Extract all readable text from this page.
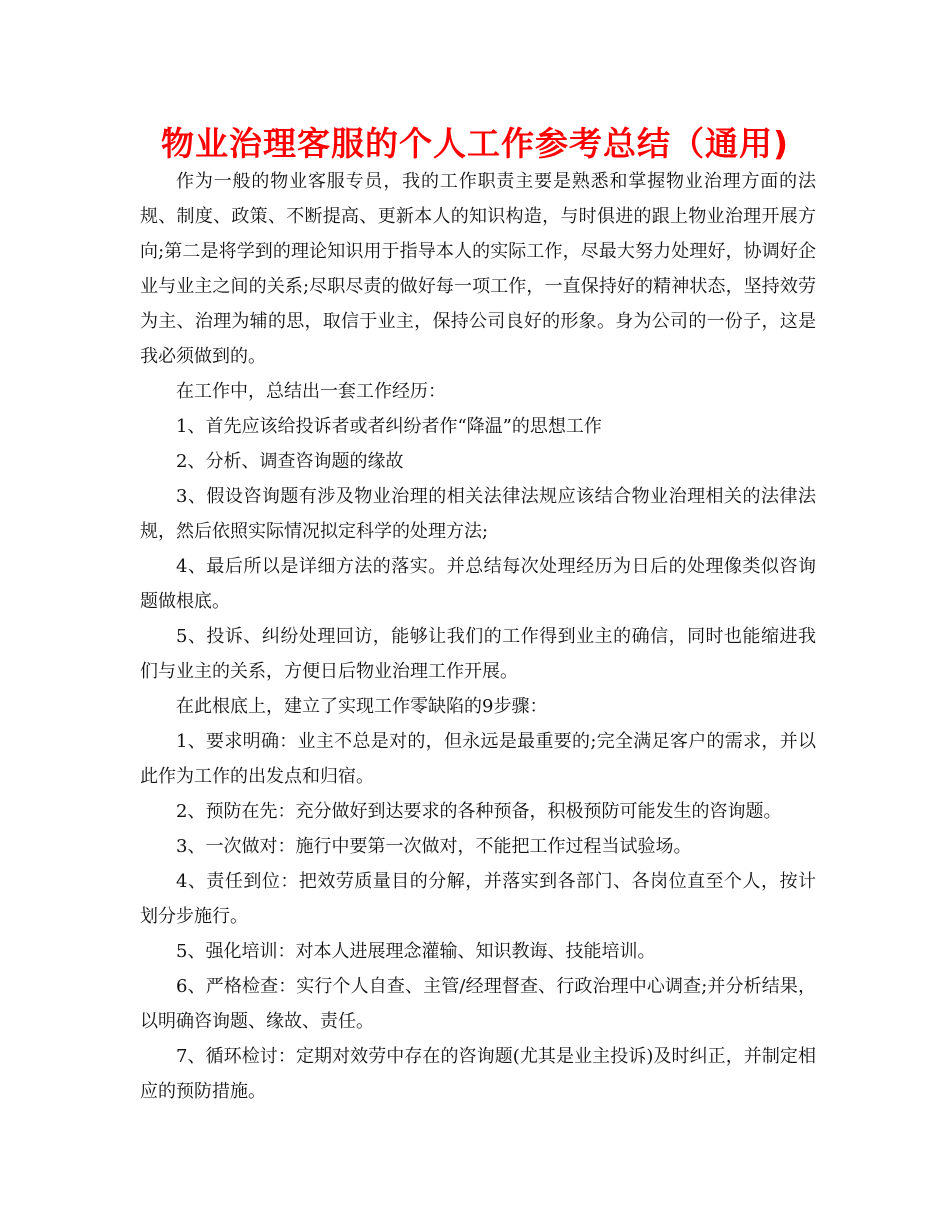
物业治理客服的个人工作参考总结（通用)

作为一般的物业客服专员，我的工作职责主要是熟悉和掌握物业治理方面的法规、制度、政策、不断提高、更新本人的知识构造，与时俱进的跟上物业治理开展方向;第二是将学到的理论知识用于指导本人的实际工作，尽最大努力处理好，协调好企业与业主之间的关系;尽职尽责的做好每一项工作，一直保持好的精神状态，坚持效劳为主、治理为辅的思，取信于业主，保持公司良好的形象。身为公司的一份子，这是我必须做到的。

在工作中，总结出一套工作经历：

1、首先应该给投诉者或者纠纷者作“降温”的思想工作

2、分析、调查咨询题的缘故

3、假设咨询题有涉及物业治理的相关法律法规应该结合物业治理相关的法律法规，然后依照实际情况拟定科学的处理方法;

4、最后所以是详细方法的落实。并总结每次处理经历为日后的处理像类似咨询题做根底。

5、投诉、纠纷处理回访，能够让我们的工作得到业主的确信，同时也能缩进我们与业主的关系，方便日后物业治理工作开展。

在此根底上，建立了实现工作零缺陷的9步骤：

1、要求明确：业主不总是对的，但永远是最重要的;完全满足客户的需求，并以此作为工作的出发点和归宿。

2、预防在先：充分做好到达要求的各种预备，积极预防可能发生的咨询题。

3、一次做对：施行中要第一次做对，不能把工作过程当试验场。

4、责任到位：把效劳质量目的分解，并落实到各部门、各岗位直至个人，按计划分步施行。

5、强化培训：对本人进展理念灌输、知识教诲、技能培训。

6、严格检查：实行个人自查、主管/经理督查、行政治理中心调查;并分析结果，以明确咨询题、缘故、责任。

7、循环检讨：定期对效劳中存在的咨询题(尤其是业主投诉)及时纠正，并制定相应的预防措施。
